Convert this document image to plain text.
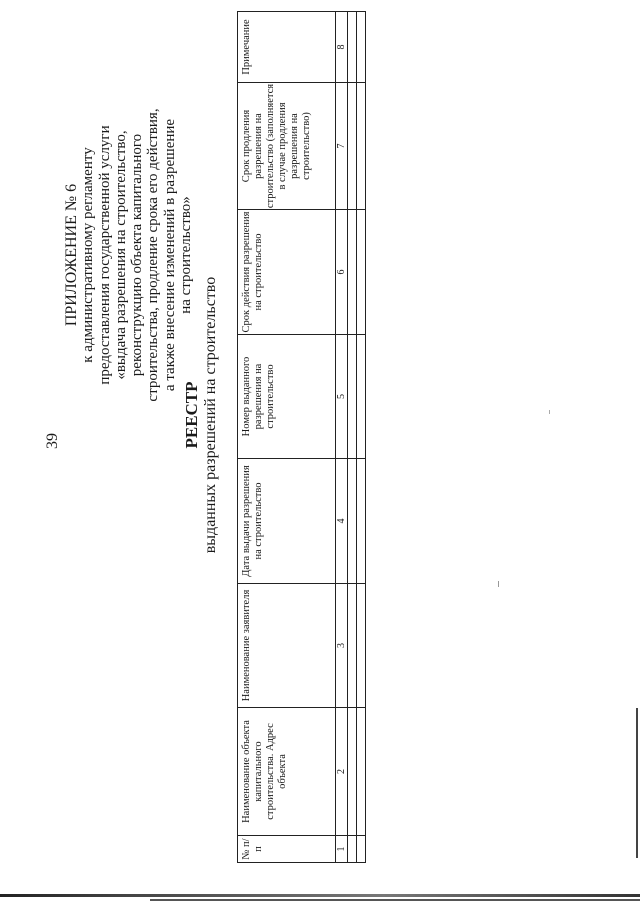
39
ПРИЛОЖЕНИЕ № 6 к административному регламенту предоставления государственной услуги «выдача разрешения на строительство, реконструкцию объекта капитального строительства, продление срока его действия, а также внесение изменений в разрешение на строительство»
РЕЕСТР выданных разрешений на строительство
№ п/п	Наименование объекта капитального строительства. Адрес объекта	Наименование заявителя	Дата выдачи разрешения на строительство	Номер выданного разрешения на строительство	Срок действия разрешения на строительство	Срок продления разрешения на строительство (заполняется в случае продления разрешения на строительство)	Примечание
1	2	3	4	5	6	7	8
